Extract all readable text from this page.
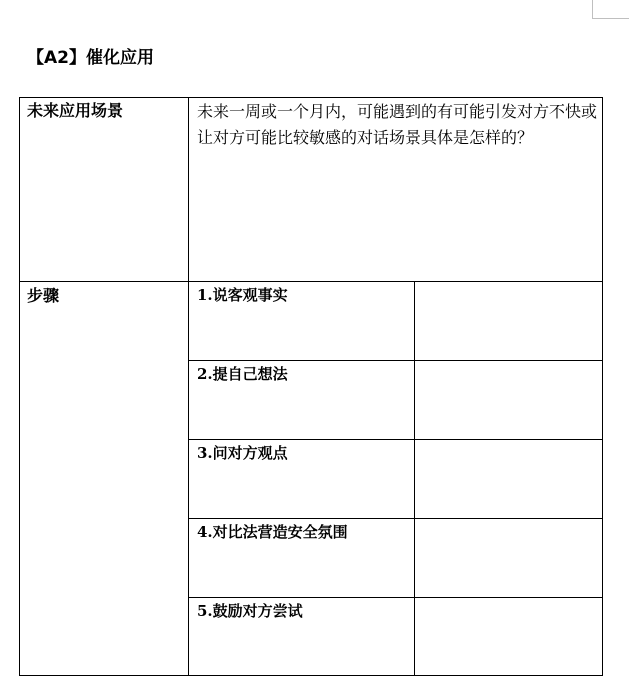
【A2】催化应用
未来应用场景	未来一周或一个月内，可能遇到的有可能引发对方不快或让对方可能比较敏感的对话场景具体是怎样的？
步骤	1.说客观事实
2.提自己想法
3.问对方观点
4.对比法营造安全氛围
5.鼓励对方尝试
